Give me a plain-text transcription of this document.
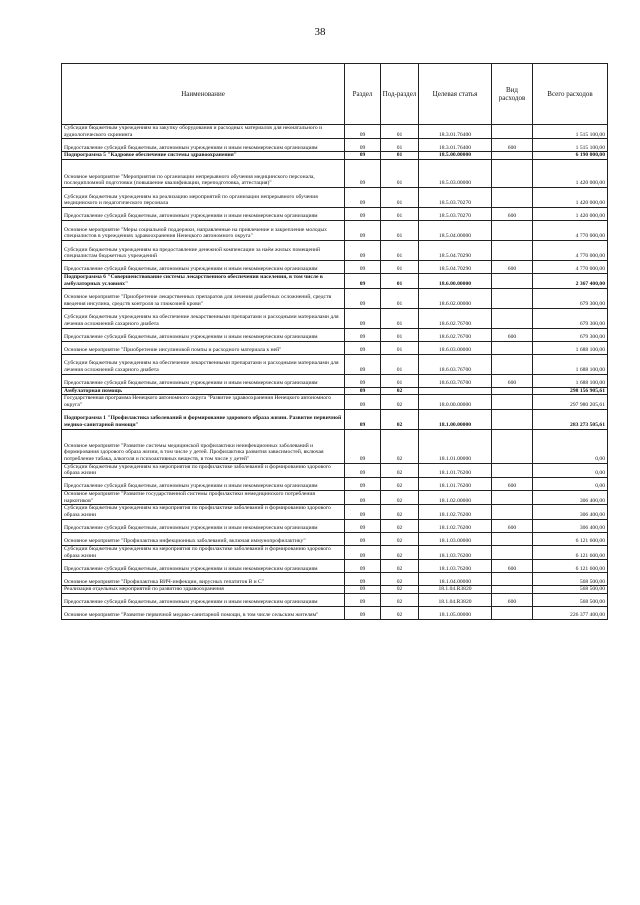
38
Наименование	Раздел	Под-раздел	Целевая статья	Вид расходов	Всего расходов
Субсидии бюджетным учреждениям на закупку оборудования и расходных материалов для неонатального и аудиологического скрининга	09	01	18.3.01.76400		1 515 100,00
Предоставление субсидий бюджетным, автономным учреждениям и иным некоммерческим организациям	09	01	18.3.01.76400	600	1 515 100,00
Подпрограмма 5 "Кадровое обеспечение системы здравоохранения"	09	01	18.5.00.00000		6 190 000,00
Основное мероприятие "Мероприятия по организации непрерывного обучения медицинского персонала, последипломной подготовки (повышение квалификации, переподготовка, аттестация)"	09	01	18.5.03.00000		1 420 000,00
Субсидии бюджетным учреждениям на реализацию мероприятий по организации непрерывного обучения медицинского и педагогического персонала	09	01	18.5.03.70270		1 420 000,00
Предоставление субсидий бюджетным, автономным учреждениям и иным некоммерческим организациям	09	01	18.5.03.70270	600	1 420 000,00
Основное мероприятие "Меры социальной поддержки, направленные на привлечение и закрепление молодых специалистов в учреждениях здравоохранения Ненецкого автономного округа"	09	01	18.5.04.00000		4 770 000,00
Субсидии бюджетным учреждениям на предоставление денежной компенсации за наём жилых помещений специалистам бюджетных учреждений	09	01	18.5.04.70290		4 770 000,00
Предоставление субсидий бюджетным, автономным учреждениям и иным некоммерческим организациям	09	01	18.5.04.70290	600	4 770 000,00
Подпрограмма 6 "Совершенствование системы лекарственного обеспечения населения, в том числе в амбулаторных условиях"	09	01	18.6.00.00000		2 367 400,00
Основное мероприятие "Приобретение лекарственных препаратов для лечения диабетных осложнений, средств введения инсулина, средств контроля за глюкозией крови"	09	01	18.6.02.00000		679 300,00
Субсидии бюджетным учреждениям на обеспечение лекарственными препаратами и расходными материалами для лечения осложнений сахарного диабета	09	01	18.6.02.76700		679 300,00
Предоставление субсидий бюджетным, автономным учреждениям и иным некоммерческим организациям	09	01	18.6.02.76700	600	679 300,00
Основное мероприятие "Приобретение инсулиновой помпы и расходного материала к ней"	09	01	18.6.03.00000		1 688 100,00
Субсидии бюджетным учреждениям на обеспечение лекарственными препаратами и расходными материалами для лечения осложнений сахарного диабета	09	01	18.6.03.76700		1 688 100,00
Предоставление субсидий бюджетным, автономным учреждениям и иным некоммерческим организациям	09	01	18.6.03.76700	600	1 688 100,00
Амбулаторная помощь	09	02			298 156 905,61
Государственная программа Ненецкого автономного округа "Развитие здравоохранения Ненецкого автономного округа"	09	02	18.0.00.00000		297 980 205,61
Подпрограмма 1 "Профилактика заболеваний и формирование здорового образа жизни. Развитие первичной медико-санитарной помощи"	09	02	18.1.00.00000		283 273 505,61
Основное мероприятие "Развитие системы медицинской профилактики неинфекционных заболеваний и формирования здорового образа жизни, в том числе у детей. Профилактика развития зависимостей, включая потребление табака, алкоголя и психоактивных веществ, в том числе у детей"	09	02	18.1.01.00000		0,00
Субсидии бюджетным учреждениям на мероприятия по профилактике заболеваний и формированию здорового образа жизни	09	02	18.1.01.76200		0,00
Предоставление субсидий бюджетным, автономным учреждениям и иным некоммерческим организациям	09	02	18.1.01.76200	600	0,00
Основное мероприятие "Развитие государственной системы профилактики немедицинского потребления наркотиков"	09	02	18.1.02.00000		306 400,00
Субсидии бюджетным учреждениям на мероприятия по профилактике заболеваний и формированию здорового образа жизни	09	02	18.1.02.76200		306 400,00
Предоставление субсидий бюджетным, автономным учреждениям и иным некоммерческим организациям	09	02	18.1.02.76200	600	306 400,00
Основное мероприятие "Профилактика инфекционных заболеваний, включая иммунопрофилактику"	09	02	18.1.03.00000		6 121 600,00
Субсидии бюджетным учреждениям на мероприятия по профилактике заболеваний и формированию здорового образа жизни	09	02	18.1.03.76200		6 121 600,00
Предоставление субсидий бюджетным, автономным учреждениям и иным некоммерческим организациям	09	02	18.1.03.76200	600	6 121 600,00
Основное мероприятие "Профилактика ВИЧ-инфекции, вирусных гепатитов В и С"	09	02	18.1.04.00000		568 500,00
Реализация отдельных мероприятий по развитию здравоохранения	09	02	18.1.04.R3820		568 500,00
Предоставление субсидий бюджетным, автономным учреждениям и иным некоммерческим организациям	09	02	18.1.04.R3820	600	568 500,00
Основное мероприятие "Развитие первичной медико-санитарной помощи, в том числе сельским жителям"	09	02	18.1.05.00000		226 377 400,00
